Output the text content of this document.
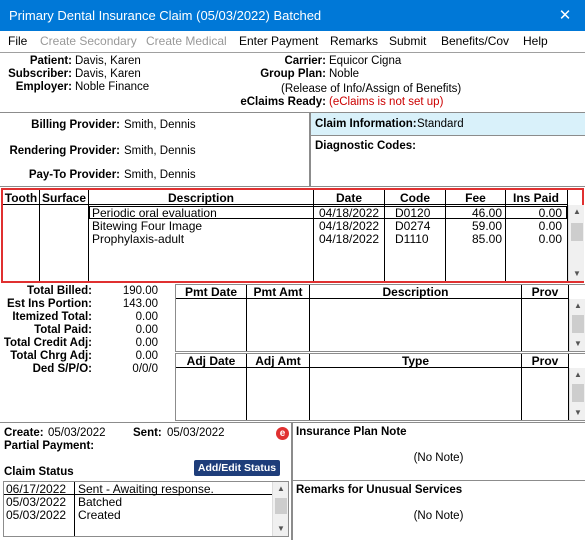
Primary Dental Insurance Claim (05/03/2022) Batched	✕
File Create Secondary Create Medical Enter Payment Remarks Submit Benefits/Cov Help
Patient: Davis, Karen
Subscriber: Davis, Karen
Employer: Noble Finance
Carrier: Equicor Cigna
Group Plan: Noble
(Release of Info/Assign of Benefits)
eClaims Ready: (eClaims is not set up)
Billing Provider: Smith, Dennis
Rendering Provider: Smith, Dennis
Pay-To Provider: Smith, Dennis
Claim Information: Standard
Diagnostic Codes:
Tooth Surface	Description	Date	Code	Fee	Ins Paid
Periodic oral evaluation	04/18/2022 D0120	46.00	0.00
Bitewing Four Image	04/18/2022 D0274	59.00	0.00
Prophylaxis-adult	04/18/2022 D1110	85.00	0.00
▲
▼
Total Billed:	190.00
Est Ins Portion:	143.00
Itemized Total:	0.00
Total Paid:	0.00
Total Credit Adj:	0.00
Total Chrg Adj:	0.00
Ded S/P/O:	0/0/0
Pmt Date	Pmt Amt	Description	Prov
▲
▼
Adj Date	Adj Amt	Type	Prov
▲
▼
Create: 05/03/2022 Sent: 05/03/2022	e
Partial Payment:
Claim Status	Add/Edit Status
06/17/2022 Sent - Awaiting response.
05/03/2022 Batched
05/03/2022 Created
▲
▼
Insurance Plan Note
(No Note)
Remarks for Unusual Services
(No Note)
